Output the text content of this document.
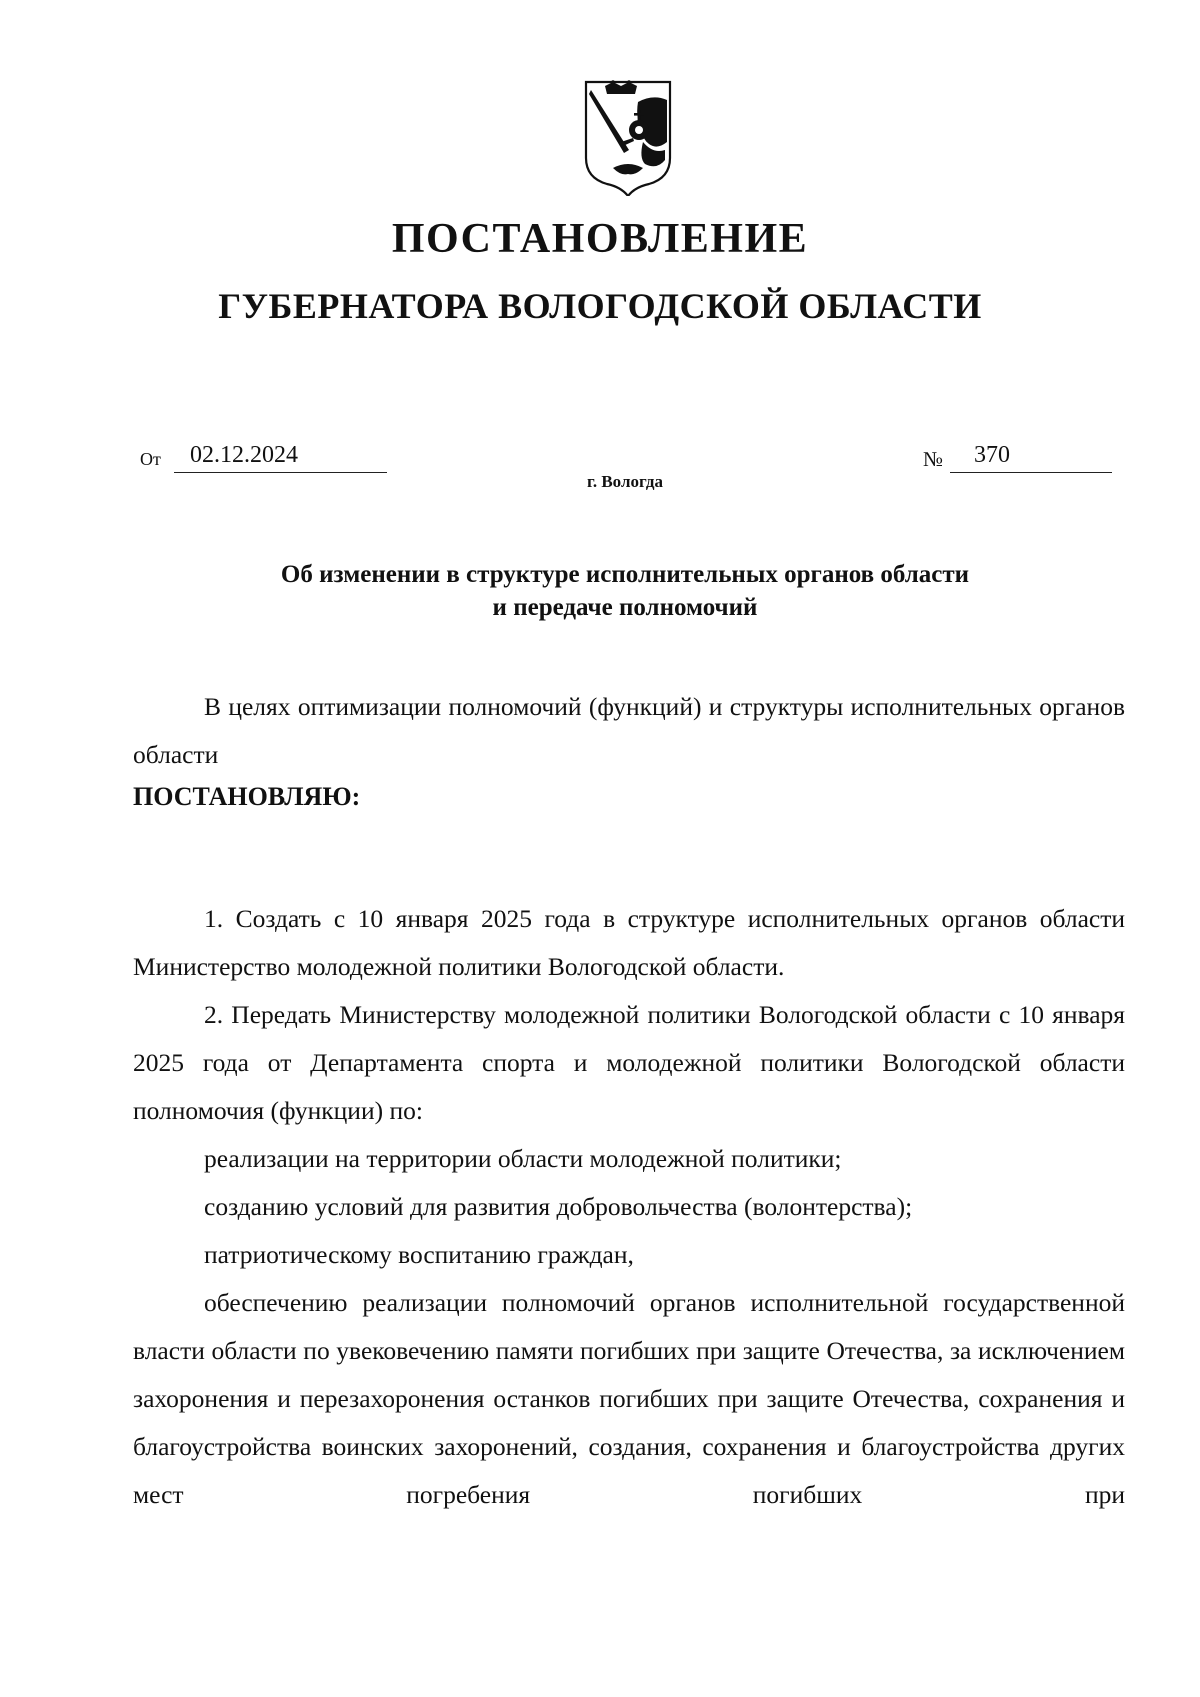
ПОСТАНОВЛЕНИЕ
ГУБЕРНАТОРА ВОЛОГОДСКОЙ ОБЛАСТИ
От	02.12.2024	№	370
г. Вологда
Об изменении в структуре исполнительных органов области
и передаче полномочий
В целях оптимизации полномочий (функций) и структуры исполнительных органов области
ПОСТАНОВЛЯЮ:
1. Создать с 10 января 2025 года в структуре исполнительных органов области Министерство молодежной политики Вологодской области.
2. Передать Министерству молодежной политики Вологодской области с 10 января 2025 года от Департамента спорта и молодежной политики Вологодской области полномочия (функции) по:
реализации на территории области молодежной политики;
созданию условий для развития добровольчества (волонтерства);
патриотическому воспитанию граждан,
обеспечению реализации полномочий органов исполнительной государственной власти области по увековечению памяти погибших при защите Отечества, за исключением захоронения и перезахоронения останков погибших при защите Отечества, сохранения и благоустройства воинских захоронений, создания, сохранения и благоустройства других мест погребения погибших при
